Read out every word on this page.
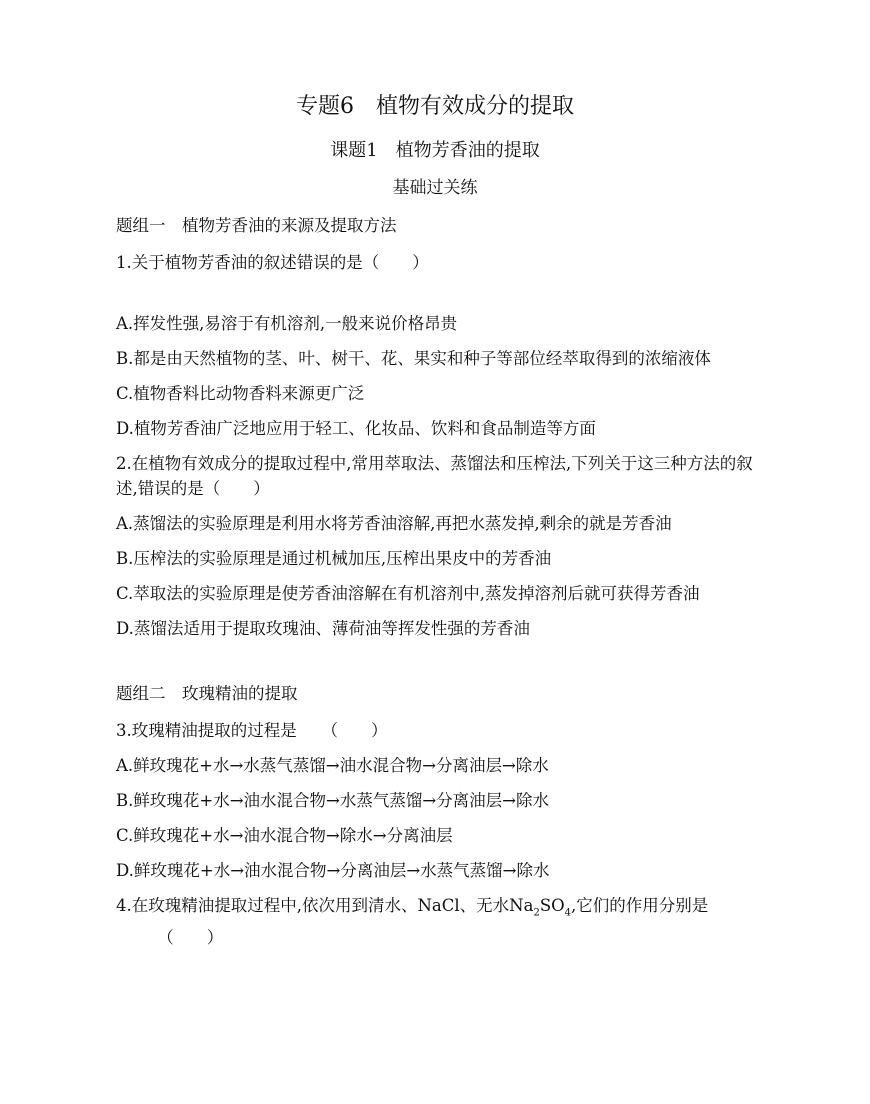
专题6　植物有效成分的提取
课题1　植物芳香油的提取
基础过关练

题组一　植物芳香油的来源及提取方法

1.关于植物芳香油的叙述错误的是（　　）

A.挥发性强,易溶于有机溶剂,一般来说价格昂贵

B.都是由天然植物的茎、叶、树干、花、果实和种子等部位经萃取得到的浓缩液体

C.植物香料比动物香料来源更广泛

D.植物芳香油广泛地应用于轻工、化妆品、饮料和食品制造等方面

2.在植物有效成分的提取过程中,常用萃取法、蒸馏法和压榨法,下列关于这三种方法的叙述,错误的是（　　）

A.蒸馏法的实验原理是利用水将芳香油溶解,再把水蒸发掉,剩余的就是芳香油

B.压榨法的实验原理是通过机械加压,压榨出果皮中的芳香油

C.萃取法的实验原理是使芳香油溶解在有机溶剂中,蒸发掉溶剂后就可获得芳香油

D.蒸馏法适用于提取玫瑰油、薄荷油等挥发性强的芳香油

题组二　玫瑰精油的提取

3.玫瑰精油提取的过程是　　（　　）

A.鲜玫瑰花+水→水蒸气蒸馏→油水混合物→分离油层→除水

B.鲜玫瑰花+水→油水混合物→水蒸气蒸馏→分离油层→除水

C.鲜玫瑰花+水→油水混合物→除水→分离油层

D.鲜玫瑰花+水→油水混合物→分离油层→水蒸气蒸馏→除水

4.在玫瑰精油提取过程中,依次用到清水、NaCl、无水$Na_2SO_4$,它们的作用分别是
　　　（　　）
